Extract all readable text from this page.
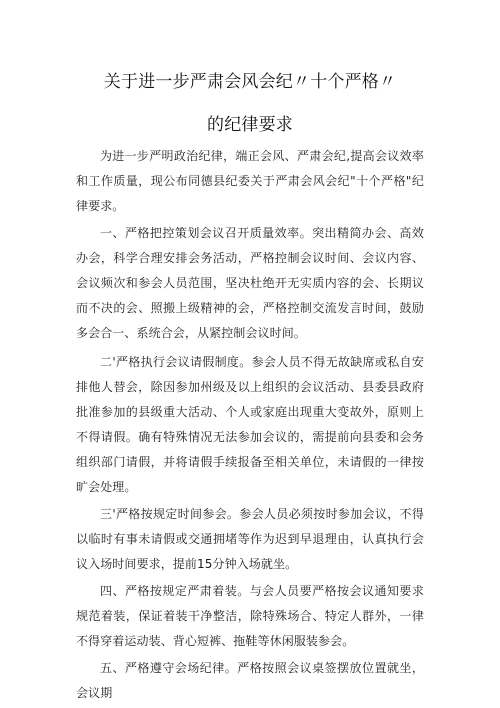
关于进一步严肃会风会纪〃十个严格〃
的纪律要求

为进一步严明政治纪律，端正会风、严肃会纪,提高会议效率和工作质量，现公布同德县纪委关于严肃会风会纪"十个严格"纪律要求。

一、严格把控策划会议召开质量效率。突出精简办会、高效办会，科学合理安排会务活动，严格控制会议时间、会议内容、会议频次和参会人员范围，坚决杜绝开无实质内容的会、长期议而不决的会、照搬上级精神的会，严格控制交流发言时间，鼓励多会合一、系统合会，从紧控制会议时间。

二'严格执行会议请假制度。参会人员不得无故缺席或私自安排他人替会，除因参加州级及以上组织的会议活动、县委县政府批准参加的县级重大活动、个人或家庭出现重大变故外，原则上不得请假。确有特殊情况无法参加会议的，需提前向县委和会务组织部门请假，并将请假手续报备至相关单位，未请假的一律按旷会处理。

三'严格按规定时间参会。参会人员必须按时参加会议，不得以临时有事未请假或交通拥堵等作为迟到早退理由，认真执行会议入场时间要求，提前15分钟入场就坐。

四、严格按规定严肃着装。与会人员要严格按会议通知要求规范着装，保证着装干净整洁，除特殊场合、特定人群外，一律不得穿着运动装、背心短裤、拖鞋等休闲服装参会。

五、严格遵守会场纪律。严格按照会议桌签摆放位置就坐，会议期
